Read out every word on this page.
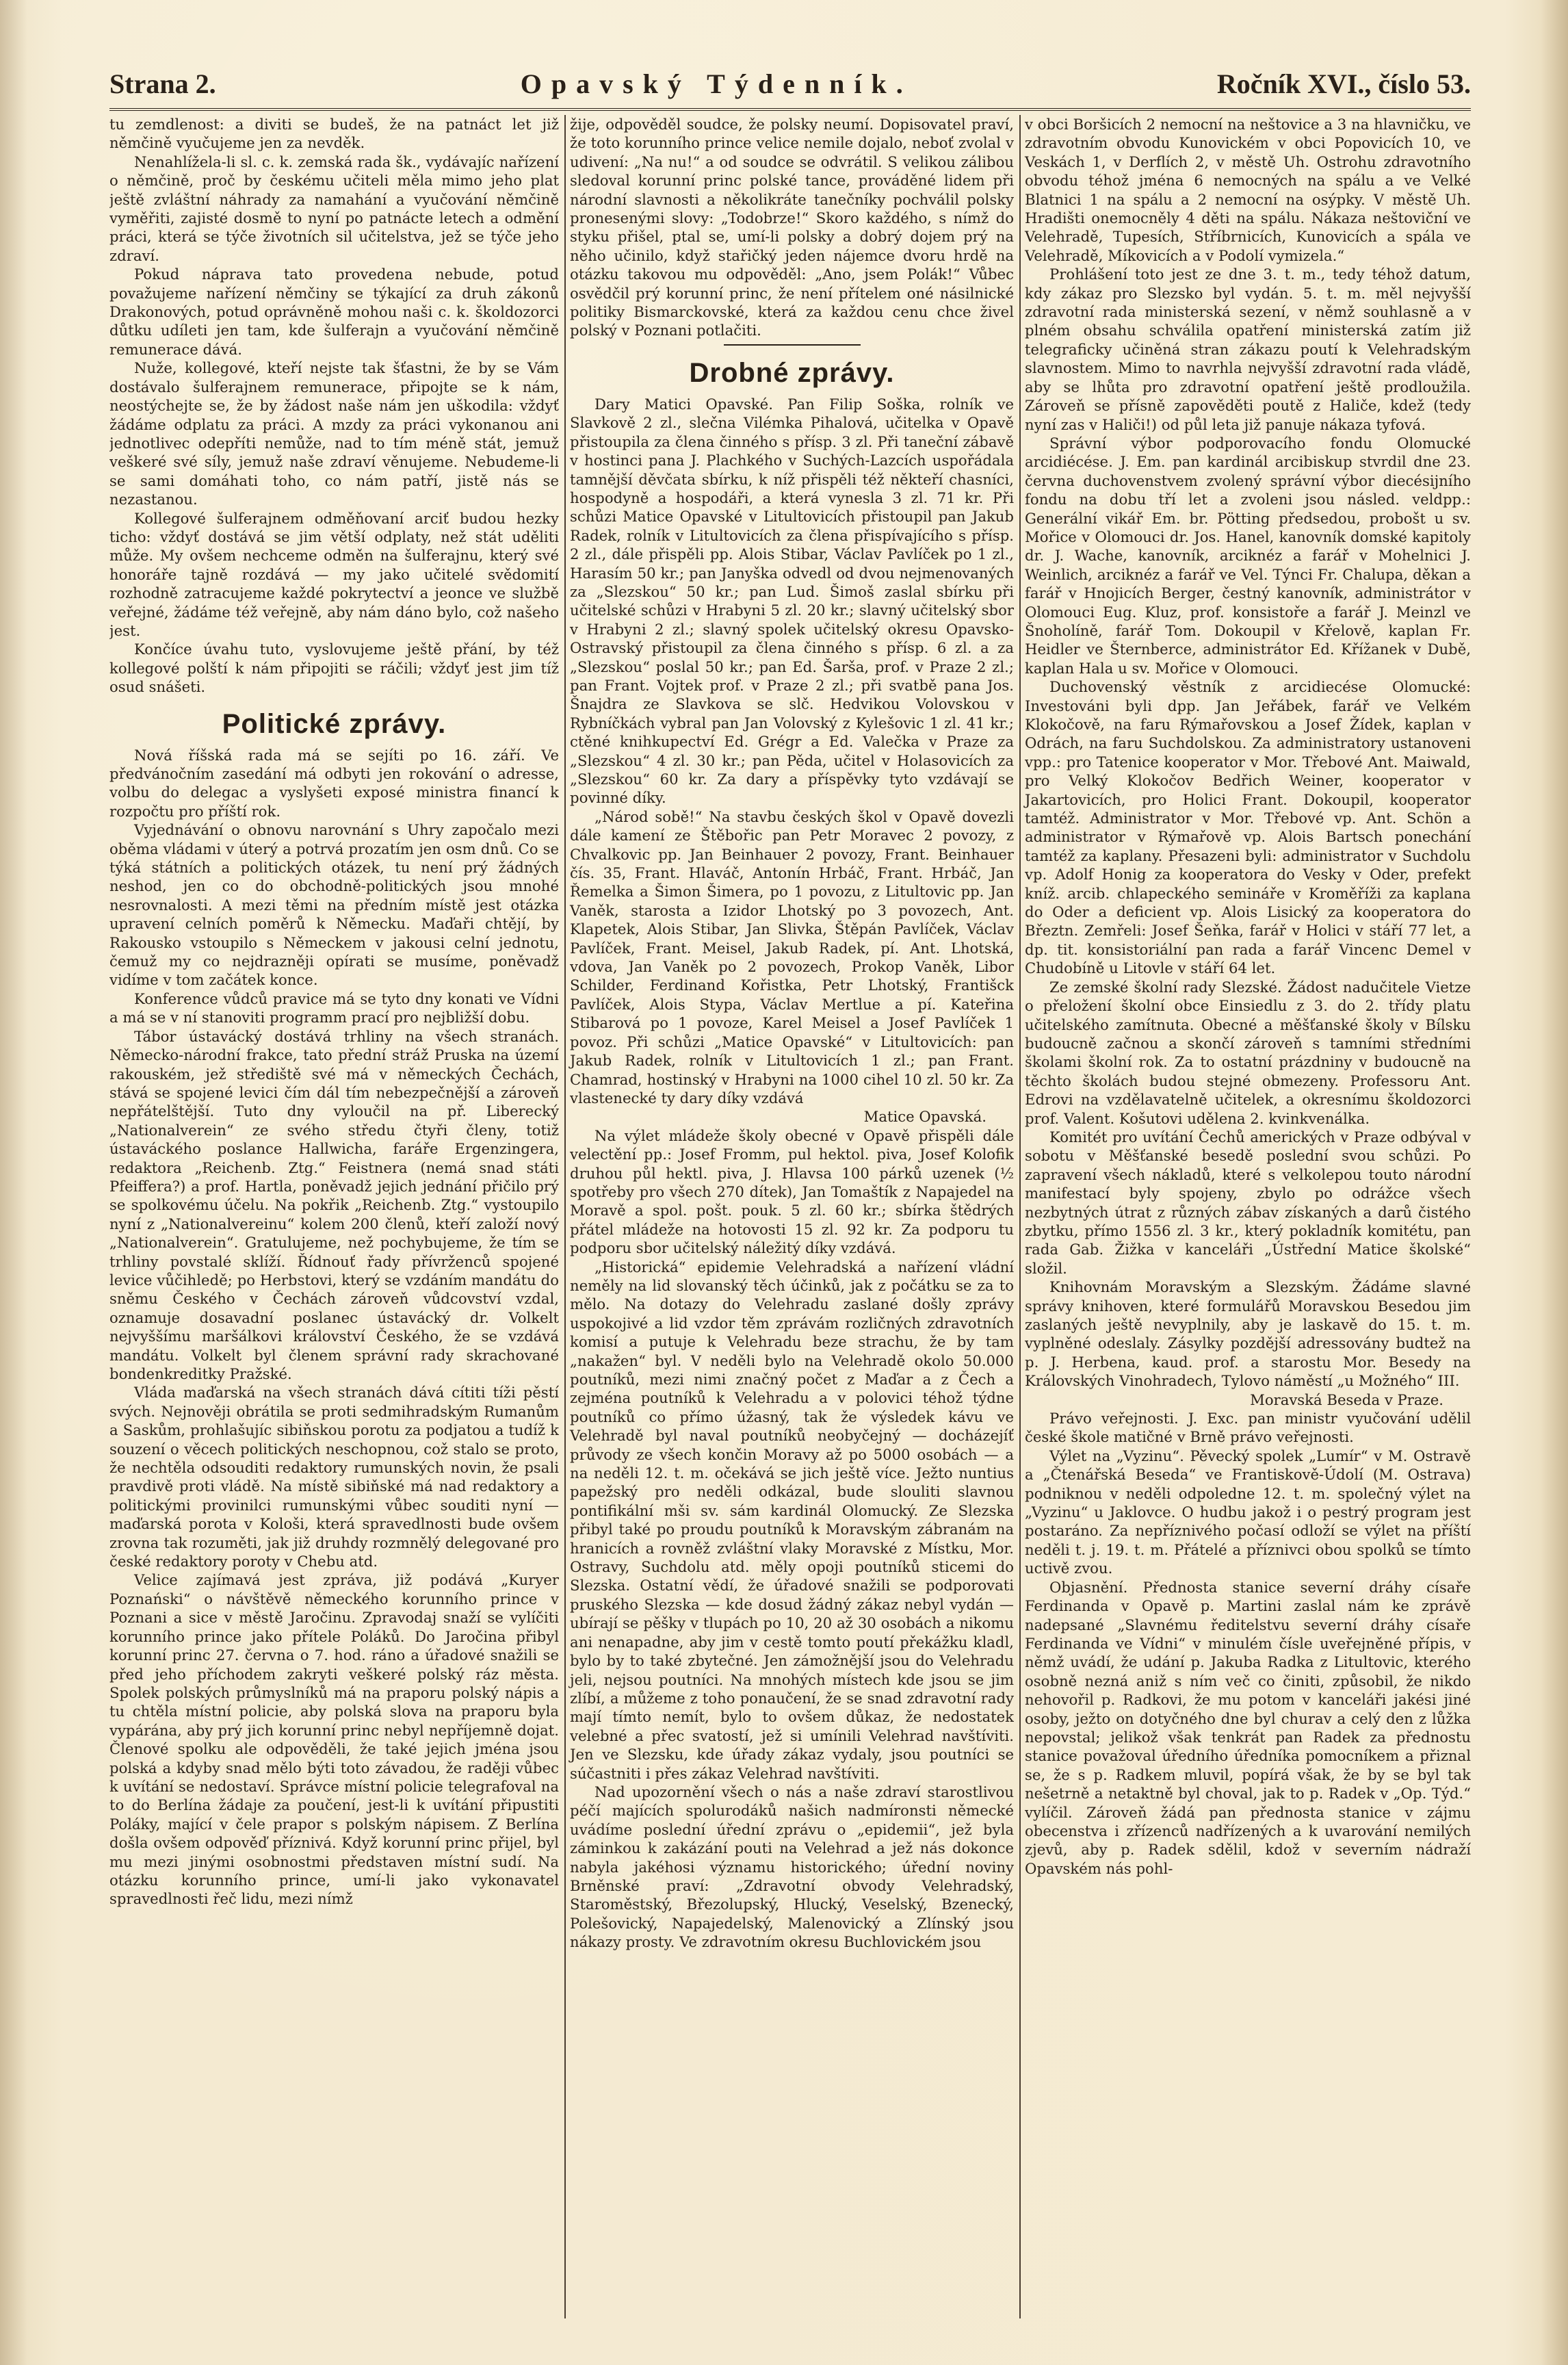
Strana 2.	Opavský Týdenník.	Ročník XVI., číslo 53.

tu zemdlenost: a diviti se budeš, že na patnáct let již němčině vyučujeme jen za nevděk.

Nenahlížela-li sl. c. k. zemská rada šk., vydávajíc nařízení o němčině, proč by českému učiteli měla mimo jeho plat ještě zvláštní náhrady za namahání a vyučování němčině vyměřiti, zajisté dosmě to nyní po patnácte letech a odmění práci, která se týče životních sil učitelstva, jež se týče jeho zdraví.

Pokud náprava tato provedena nebude, potud považujeme nařízení němčiny se týkající za druh zákonů Drakonových, potud oprávněně mohou naši c. k. školdozorci důtku udíleti jen tam, kde šulferajn a vyučování němčině remunerace dává.

Nuže, kollegové, kteří nejste tak šťastni, že by se Vám dostávalo šulferajnem remunerace, připojte se k nám, neostýchejte se, že by žádost naše nám jen uškodila: vždyť žádáme odplatu za práci. A mzdy za práci vykonanou ani jednotlivec odepříti nemůže, nad to tím méně stát, jemuž veškeré své síly, jemuž naše zdraví věnujeme. Nebudeme-li se sami domáhati toho, co nám patří, jistě nás se nezastanou.

Kollegové šulferajnem odměňovaní arciť budou hezky ticho: vždyť dostává se jim větší odplaty, než stát uděliti může. My ovšem nechceme odměn na šulferajnu, který své honoráře tajně rozdává — my jako učitelé svědomití rozhodně zatracujeme každé pokrytectví a jeonce ve službě veřejné, žádáme též veřejně, aby nám dáno bylo, což našeho jest.

Končíce úvahu tuto, vyslovujeme ještě přání, by též kollegové polští k nám připojiti se ráčili; vždyť jest jim tíž osud snášeti.

Politické zprávy.

Nová říšská rada má se sejíti po 16. září. Ve předvánočním zasedání má odbyti jen rokování o adresse, volbu do delegac a vyslyšeti exposé ministra financí k rozpočtu pro příští rok.

Vyjednávání o obnovu narovnání s Uhry započalo mezi oběma vládami v úterý a potrvá prozatím jen osm dnů. Co se týká státních a politických otázek, tu není prý žádných neshod, jen co do obchodně-politických jsou mnohé nesrovnalosti. A mezi těmi na předním místě jest otázka upravení celních poměrů k Německu. Maďaři chtějí, by Rakousko vstoupilo s Německem v jakousi celní jednotu, čemuž my co nejdrazněji opírati se musíme, poněvadž vidíme v tom začátek konce.

Konference vůdců pravice má se tyto dny konati ve Vídni a má se v ní stanoviti programm prací pro nejbližší dobu.

Tábor ústavácký dostává trhliny na všech stranách. Německo-národní frakce, tato přední stráž Pruska na území rakouském, jež střediště své má v německých Čechách, stává se spojené levici čím dál tím nebezpečnější a zároveň nepřátelštější. Tuto dny vyloučil na př. Liberecký „Nationalverein“ ze svého středu čtyři členy, totiž ústaváckého poslance Hallwicha, faráře Ergenzingera, redaktora „Reichenb. Ztg.“ Feistnera (nemá snad státi Pfeiffera?) a prof. Hartla, poněvadž jejich jednání přičilo prý se spolkovému účelu. Na pokřik „Reichenb. Ztg.“ vystoupilo nyní z „Nationalvereinu“ kolem 200 členů, kteří založí nový „Nationalverein“. Gratulujeme, než pochybujeme, že tím se trhliny povstalé sklíží. Řídnouť řady přívrženců spojené levice vůčihledě; po Herbstovi, který se vzdáním mandátu do sněmu Českého v Čechách zároveň vůdcovství vzdal, oznamuje dosavadní poslanec ústavácký dr. Volkelt nejvyššímu maršálkovi království Českého, že se vzdává mandátu. Volkelt byl členem správní rady skrachované bondenkreditky Pražské.

Vláda maďarská na všech stranách dává cítiti tíži pěstí svých. Nejnověji obrátila se proti sedmihradským Rumanům a Saskům, prohlašujíc sibiňskou porotu za podjatou a tudíž k souzení o věcech politických neschopnou, což stalo se proto, že nechtěla odsouditi redaktory rumunských novin, že psali pravdivě proti vládě. Na místě sibiňské má nad redaktory a politickými provinilci rumunskými vůbec souditi nyní — maďarská porota v Kološi, která spravedlnosti bude ovšem zrovna tak rozuměti, jak již druhdy rozmnělý delegované pro české redaktory poroty v Chebu atd.

Velice zajímavá jest zpráva, již podává „Kuryer Poznański“ o návštěvě německého korunního prince v Poznani a sice v městě Jaročinu. Zpravodaj snaží se vylíčiti korunního prince jako přítele Poláků. Do Jaročina přibyl korunní princ 27. června o 7. hod. ráno a úřadové snažili se před jeho příchodem zakryti veškeré polský ráz města. Spolek polských průmyslníků má na praporu polský nápis a tu chtěla místní policie, aby polská slova na praporu byla vypárána, aby prý jich korunní princ nebyl nepříjemně dojat. Členové spolku ale odpověděli, že také jejich jména jsou polská a kdyby snad mělo býti toto závadou, že raději vůbec k uvítání se nedostaví. Správce místní policie telegrafoval na to do Berlína žádaje za poučení, jest-li k uvítání připustiti Poláky, mající v čele prapor s polským nápisem. Z Berlína došla ovšem odpověď příznivá. Když korunní princ přijel, byl mu mezi jinými osobnostmi představen místní sudí. Na otázku korunního prince, umí-li jako vykonavatel spravedlnosti řeč lidu, mezi nímž

žije, odpověděl soudce, že polsky neumí. Dopisovatel praví, že toto korunního prince velice nemile dojalo, neboť zvolal v udivení: „Na nu!“ a od soudce se odvrátil. S velikou zálibou sledoval korunní princ polské tance, prováděné lidem při národní slavnosti a několikráte tanečníky pochválil polsky pronesenými slovy: „Todobrze!“ Skoro každého, s nímž do styku přišel, ptal se, umí-li polsky a dobrý dojem prý na něho učinilo, když stařičký jeden nájemce dvoru hrdě na otázku takovou mu odpověděl: „Ano, jsem Polák!“ Vůbec osvědčil prý korunní princ, že není přítelem oné násilnické politiky Bismarckovské, která za každou cenu chce živel polský v Poznani potlačiti.

Drobné zprávy.

Dary Matici Opavské. Pan Filip Soška, rolník ve Slavkově 2 zl., slečna Vilémka Pihalová, učitelka v Opavě přistoupila za člena činného s přísp. 3 zl. Při taneční zábavě v hostinci pana J. Plachkého v Suchých-Lazcích uspořádala tamnější děvčata sbírku, k níž přispěli též někteří chasníci, hospodyně a hospodáři, a která vynesla 3 zl. 71 kr. Při schůzi Matice Opavské v Litultovicích přistoupil pan Jakub Radek, rolník v Litultovicích za člena přispívajícího s přísp. 2 zl., dále přispěli pp. Alois Stibar, Václav Pavlíček po 1 zl., Harasím 50 kr.; pan Janyška odvedl od dvou nejmenovaných za „Slezskou“ 50 kr.; pan Lud. Šimoš zaslal sbírku při učitelské schůzi v Hrabyni 5 zl. 20 kr.; slavný učitelský sbor v Hrabyni 2 zl.; slavný spolek učitelský okresu Opavsko-Ostravský přistoupil za člena činného s přísp. 6 zl. a za „Slezskou“ poslal 50 kr.; pan Ed. Šarša, prof. v Praze 2 zl.; pan Frant. Vojtek prof. v Praze 2 zl.; při svatbě pana Jos. Šnajdra ze Slavkova se slč. Hedvikou Volovskou v Rybníčkách vybral pan Jan Volovský z Kylešovic 1 zl. 41 kr.; ctěné knihkupectví Ed. Grégr a Ed. Valečka v Praze za „Slezskou“ 4 zl. 30 kr.; pan Pěda, učitel v Holasovicích za „Slezskou“ 60 kr. Za dary a příspěvky tyto vzdávají se povinné díky.

„Národ sobě!“ Na stavbu českých škol v Opavě dovezli dále kamení ze Štěbořic pan Petr Moravec 2 povozy, z Chvalkovic pp. Jan Beinhauer 2 povozy, Frant. Beinhauer čís. 35, Frant. Hlaváč, Antonín Hrbáč, Frant. Hrbáč, Jan Řemelka a Šimon Šimera, po 1 povozu, z Litultovic pp. Jan Vaněk, starosta a Izidor Lhotský po 3 povozech, Ant. Klapetek, Alois Stibar, Jan Slivka, Štěpán Pavlíček, Václav Pavlíček, Frant. Meisel, Jakub Radek, pí. Ant. Lhotská, vdova, Jan Vaněk po 2 povozech, Prokop Vaněk, Libor Schilder, Ferdinand Kořistka, Petr Lhotský, Františck Pavlíček, Alois Stypa, Václav Mertlue a pí. Kateřina Stibarová po 1 povoze, Karel Meisel a Josef Pavlíček 1 povoz. Při schůzi „Matice Opavské“ v Litultovicích: pan Jakub Radek, rolník v Litultovicích 1 zl.; pan Frant. Chamrad, hostinský v Hrabyni na 1000 cihel 10 zl. 50 kr. Za vlastenecké ty dary díky vzdává

Matice Opavská.

Na výlet mládeže školy obecné v Opavě přispěli dále velectění pp.: Josef Fromm, pul hektol. piva, Josef Kolofik druhou půl hektl. piva, J. Hlavsa 100 párků uzenek (½ spotřeby pro všech 270 dítek), Jan Tomaštík z Napajedel na Moravě a spol. pošt. pouk. 5 zl. 60 kr.; sbírka štědrých přátel mládeže na hotovosti 15 zl. 92 kr. Za podporu tu podporu sbor učitelský náležitý díky vzdává.

„Historická“ epidemie Velehradská a nařízení vládní neměly na lid slovanský těch účinků, jak z počátku se za to mělo. Na dotazy do Velehradu zaslané došly zprávy uspokojivé a lid vzdor těm zprávám rozličných zdravotních komisí a putuje k Velehradu beze strachu, že by tam „nakažen“ byl. V neděli bylo na Velehradě okolo 50.000 poutníků, mezi nimi značný počet z Maďar a z Čech a zejména poutníků k Velehradu a v polovici téhož týdne poutníků co přímo úžasný, tak že výsledek kávu ve Velehradě byl naval poutníků neobyčejný — docházejíť průvody ze všech končin Moravy až po 5000 osobách — a na neděli 12. t. m. očekává se jich ještě více. Ježto nuntius papežský pro neděli odkázal, bude slouliti slavnou pontifikální mši sv. sám kardinál Olomucký. Ze Slezska přibyl také po proudu poutníků k Moravským zábranám na hranicích a rovněž zvláštní vlaky Moravské z Místku, Mor. Ostravy, Suchdolu atd. měly opoji poutníků sticemi do Slezska. Ostatní vědí, že úřadové snažili se podporovati pruského Slezska — kde dosud žádný zákaz nebyl vydán — ubírají se pěšky v tlupách po 10, 20 až 30 osobách a nikomu ani nenapadne, aby jim v cestě tomto poutí překážku kladl, bylo by to také zbytečné. Jen zámožnější jsou do Velehradu jeli, nejsou poutníci. Na mnohých místech kde jsou se jim zlíbí, a můžeme z toho ponaučení, že se snad zdravotní rady mají tímto nemít, bylo to ovšem důkaz, že nedostatek velebné a přec svatostí, jež si umínili Velehrad navštíviti. Jen ve Slezsku, kde úřady zákaz vydaly, jsou poutníci se súčastniti i přes zákaz Velehrad navštíviti.

Nad upozornění všech o nás a naše zdraví starostlivou péčí majících spolurodáků našich nadmíronsti německé uvádíme poslední úřední zprávu o „epidemii“, jež byla záminkou k zakázání pouti na Velehrad a jež nás dokonce nabyla jakéhosi významu historického; úřední noviny Brněnské praví: „Zdravotní obvody Velehradský, Staroměstský, Březolupský, Hlucký, Veselský, Bzenecký, Polešovický, Napajedelský, Malenovický a Zlínský jsou nákazy prosty. Ve zdravotním okresu Buchlovickém jsou

v obci Boršicích 2 nemocní na neštovice a 3 na hlavničku, ve zdravotním obvodu Kunovickém v obci Popovicích 10, ve Veskách 1, v Derflích 2, v městě Uh. Ostrohu zdravotního obvodu téhož jména 6 nemocných na spálu a ve Velké Blatnici 1 na spálu a 2 nemocní na osýpky. V městě Uh. Hradišti onemocněly 4 děti na spálu. Nákaza neštoviční ve Velehradě, Tupesích, Stříbrnicích, Kunovicích a spála ve Velehradě, Míkovicích a v Podolí vymizela.“

Prohlášení toto jest ze dne 3. t. m., tedy téhož datum, kdy zákaz pro Slezsko byl vydán. 5. t. m. měl nejvyšší zdravotní rada ministerská sezení, v němž souhlasně a v plném obsahu schválila opatření ministerská zatím již telegraficky učiněná stran zákazu poutí k Velehradským slavnostem. Mimo to navrhla nejvyšší zdravotní rada vládě, aby se lhůta pro zdravotní opatření ještě prodloužila. Zároveň se přísně zapověděti poutě z Haliče, kdež (tedy nyní zas v Haliči!) od půl leta již panuje nákaza tyfová.

Správní výbor podporovacího fondu Olomucké arcidiécése. J. Em. pan kardinál arcibiskup stvrdil dne 23. června duchovenstvem zvolený správní výbor diecésijního fondu na dobu tří let a zvoleni jsou násled. veldpp.: Generální vikář Em. br. Pötting předsedou, probošt u sv. Mořice v Olomouci dr. Jos. Hanel, kanovník domské kapitoly dr. J. Wache, kanovník, arciknéz a farář v Mohelnici J. Weinlich, arciknéz a farář ve Vel. Týnci Fr. Chalupa, děkan a farář v Hnojicích Berger, čestný kanovník, administrátor v Olomouci Eug. Kluz, prof. konsistoře a farář J. Meinzl ve Šnoholíně, farář Tom. Dokoupil v Křelově, kaplan Fr. Heidler ve Šternberce, administrátor Ed. Křížanek v Dubě, kaplan Hala u sv. Mořice v Olomouci.

Duchovenský věstník z arcidiecése Olomucké: Investováni byli dpp. Jan Jeřábek, farář ve Velkém Klokočově, na faru Rýmařovskou a Josef Žídek, kaplan v Odrách, na faru Suchdolskou. Za administratory ustanoveni vpp.: pro Tatenice kooperator v Mor. Třebové Ant. Maiwald, pro Velký Klokočov Bedřich Weiner, kooperator v Jakartovicích, pro Holici Frant. Dokoupil, kooperator tamtéž. Administrator v Mor. Třebové vp. Ant. Schön a administrator v Rýmařově vp. Alois Bartsch ponechání tamtéž za kaplany. Přesazeni byli: administrator v Suchdolu vp. Adolf Honig za kooperatora do Vesky v Oder, prefekt kníž. arcib. chlapeckého semináře v Kroměříži za kaplana do Oder a deficient vp. Alois Lisický za kooperatora do Březtn. Zemřeli: Josef Šeňka, farář v Holici v stáří 77 let, a dp. tit. konsistoriální pan rada a farář Vincenc Demel v Chudobíně u Litovle v stáří 64 let.

Ze zemské školní rady Slezské. Žádost nadučitele Vietze o přeložení školní obce Einsiedlu z 3. do 2. třídy platu učitelského zamítnuta. Obecné a měšťanské školy v Bílsku budoucně začnou a skončí zároveň s tamními středními školami školní rok. Za to ostatní prázdniny v budoucně na těchto školách budou stejné obmezeny. Professoru Ant. Edrovi na vzdělavatelně učitelek, a okresnímu školdozorci prof. Valent. Košutovi udělena 2. kvinkvenálka.

Komitét pro uvítání Čechů amerických v Praze odbýval v sobotu v Měšťanské besedě poslední svou schůzi. Po zapravení všech nákladů, které s velkolepou touto národní manifestací byly spojeny, zbylo po odrážce všech nezbytných útrat z různých zábav získaných a darů čistého zbytku, přímo 1556 zl. 3 kr., který pokladník komitétu, pan rada Gab. Žižka v kanceláři „Ústřední Matice školské“ složil.

Knihovnám Moravským a Slezským. Žádáme slavné správy knihoven, které formulářů Moravskou Besedou jim zaslaných ještě nevyplnily, aby je laskavě do 15. t. m. vyplněné odeslaly. Zásylky pozdější adressovány budtež na p. J. Herbena, kaud. prof. a starostu Mor. Besedy na Královských Vinohradech, Tylovo náměstí „u Možného“ III.

Moravská Beseda v Praze.

Právo veřejnosti. J. Exc. pan ministr vyučování udělil české škole matičné v Brně právo veřejnosti.

Výlet na „Vyzinu“. Pěvecký spolek „Lumír“ v M. Ostravě a „Čtenářská Beseda“ ve Frantiskově-Údolí (M. Ostrava) podniknou v neděli odpoledne 12. t. m. společný výlet na „Vyzinu“ u Jaklovce. O hudbu jakož i o pestrý program jest postaráno. Za nepříznivého počasí odloží se výlet na příští neděli t. j. 19. t. m. Přátelé a příznivci obou spolků se tímto uctivě zvou.

Objasnění. Přednosta stanice severní dráhy císaře Ferdinanda v Opavě p. Martini zaslal nám ke zprávě nadepsané „Slavnému ředitelstvu severní dráhy císaře Ferdinanda ve Vídni“ v minulém čísle uveřejněné přípis, v němž uvádí, že udání p. Jakuba Radka z Litultovic, kterého osobně nezná aniž s ním več co činiti, způsobil, že nikdo nehovořil p. Radkovi, že mu potom v kanceláři jakési jiné osoby, ježto on dotyčného dne byl churav a celý den z lůžka nepovstal; jelikož však tenkrát pan Radek za přednostu stanice považoval úředního úředníka pomocníkem a přiznal se, že s p. Radkem mluvil, popírá však, že by se byl tak nešetrně a netaktně byl choval, jak to p. Radek v „Op. Týd.“ vylíčil. Zároveň žádá pan přednosta stanice v zájmu obecenstva i zřízenců nadřízených a k uvarování nemilých zjevů, aby p. Radek sdělil, kdož v severním nádraží Opavském nás pohl-
